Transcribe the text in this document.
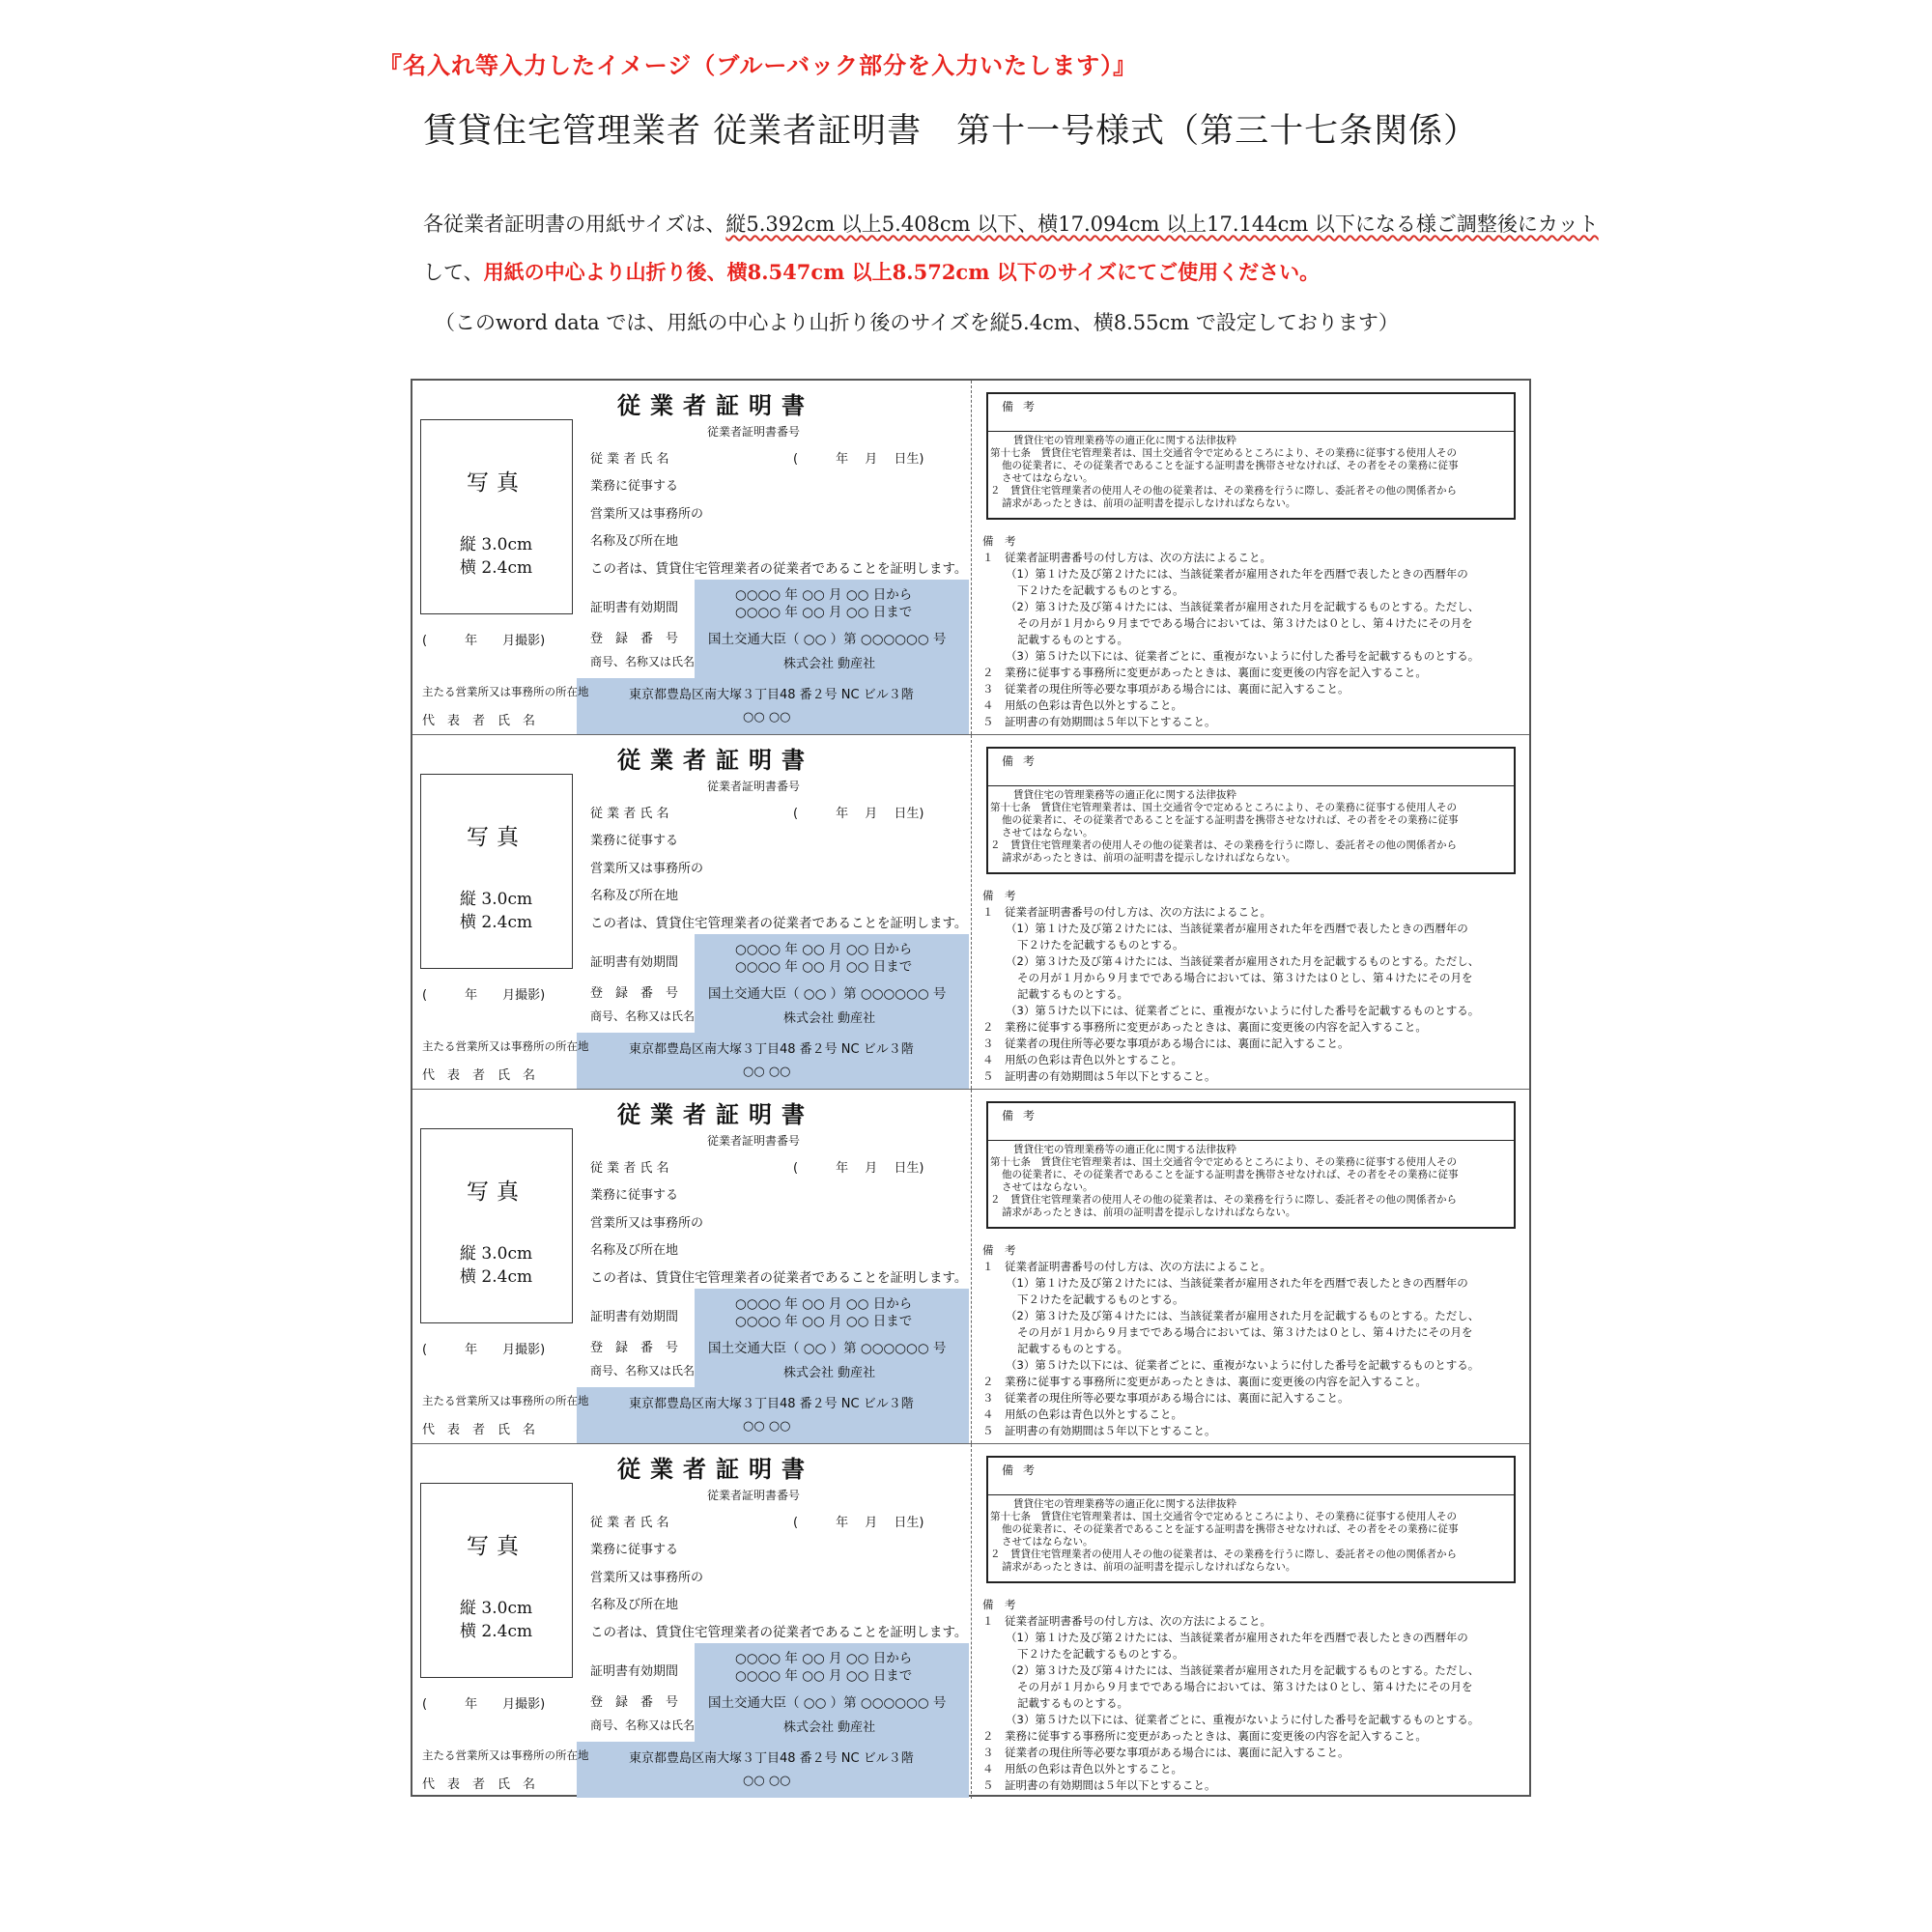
『名入れ等入力したイメージ（ブルーバック部分を入力いたします）』
賃貸住宅管理業者 従業者証明書　第十一号様式（第三十七条関係）
各従業者証明書の用紙サイズは、縦5.392cm 以上5.408cm 以下、横17.094cm 以上17.144cm 以下になる様ご調整後にカット
して、用紙の中心より山折り後、横8.547cm 以上8.572cm 以下のサイズにてご使用ください。
（このword data では、用紙の中心より山折り後のサイズを縦5.4cm、横8.55cm で設定しております）
従業者証明書
従業者証明書番号
写真
縦 3.0cm
横 2.4cm
(　　　年　　月撮影)
従 業 者 氏 名	(　　　年　 月　 日生)
業務に従事する
営業所又は事務所の
名称及び所在地
この者は、賃貸住宅管理業者の従業者であることを証明します。
証明書有効期間
○○○○ 年 ○○ 月 ○○ 日から
○○○○ 年 ○○ 月 ○○ 日まで
登　録　番　号 国土交通大臣（ ○○ ）第 ○○○○○○ 号
商号、名称又は氏名	株式会社 動産社
主たる営業所又は事務所の所在地	東京都豊島区南大塚３丁目48 番２号 NC ビル３階
代　表　者　氏　名	○○ ○○
備考
賃貸住宅の管理業務等の適正化に関する法律抜粋
第十七条　賃貸住宅管理業者は、国土交通省令で定めるところにより、その業務に従事する使用人その
他の従業者に、その従業者であることを証する証明書を携帯させなければ、その者をその業務に従事
させてはならない。
２　賃貸住宅管理業者の使用人その他の従業者は、その業務を行うに際し、委託者その他の関係者から
請求があったときは、前項の証明書を提示しなければならない。
備　考
１　従業者証明書番号の付し方は、次の方法によること。
（1）第１けた及び第２けたには、当該従業者が雇用された年を西暦で表したときの西暦年の
下２けたを記載するものとする。
（2）第３けた及び第４けたには、当該従業者が雇用された月を記載するものとする。ただし、
その月が１月から９月までである場合においては、第３けたは０とし、第４けたにその月を
記載するものとする。
（3）第５けた以下には、従業者ごとに、重複がないように付した番号を記載するものとする。
２　業務に従事する事務所に変更があったときは、裏面に変更後の内容を記入すること。
３　従業者の現住所等必要な事項がある場合には、裏面に記入すること。
４　用紙の色彩は青色以外とすること。
５　証明書の有効期間は５年以下とすること。
従業者証明書
従業者証明書番号
写真
縦 3.0cm
横 2.4cm
(　　　年　　月撮影)
従 業 者 氏 名	(　　　年　 月　 日生)
業務に従事する
営業所又は事務所の
名称及び所在地
この者は、賃貸住宅管理業者の従業者であることを証明します。
証明書有効期間
○○○○ 年 ○○ 月 ○○ 日から
○○○○ 年 ○○ 月 ○○ 日まで
登　録　番　号 国土交通大臣（ ○○ ）第 ○○○○○○ 号
商号、名称又は氏名	株式会社 動産社
主たる営業所又は事務所の所在地	東京都豊島区南大塚３丁目48 番２号 NC ビル３階
代　表　者　氏　名	○○ ○○
備考
賃貸住宅の管理業務等の適正化に関する法律抜粋
第十七条　賃貸住宅管理業者は、国土交通省令で定めるところにより、その業務に従事する使用人その
他の従業者に、その従業者であることを証する証明書を携帯させなければ、その者をその業務に従事
させてはならない。
２　賃貸住宅管理業者の使用人その他の従業者は、その業務を行うに際し、委託者その他の関係者から
請求があったときは、前項の証明書を提示しなければならない。
備　考
１　従業者証明書番号の付し方は、次の方法によること。
（1）第１けた及び第２けたには、当該従業者が雇用された年を西暦で表したときの西暦年の
下２けたを記載するものとする。
（2）第３けた及び第４けたには、当該従業者が雇用された月を記載するものとする。ただし、
その月が１月から９月までである場合においては、第３けたは０とし、第４けたにその月を
記載するものとする。
（3）第５けた以下には、従業者ごとに、重複がないように付した番号を記載するものとする。
２　業務に従事する事務所に変更があったときは、裏面に変更後の内容を記入すること。
３　従業者の現住所等必要な事項がある場合には、裏面に記入すること。
４　用紙の色彩は青色以外とすること。
５　証明書の有効期間は５年以下とすること。
従業者証明書
従業者証明書番号
写真
縦 3.0cm
横 2.4cm
(　　　年　　月撮影)
従 業 者 氏 名	(　　　年　 月　 日生)
業務に従事する
営業所又は事務所の
名称及び所在地
この者は、賃貸住宅管理業者の従業者であることを証明します。
証明書有効期間
○○○○ 年 ○○ 月 ○○ 日から
○○○○ 年 ○○ 月 ○○ 日まで
登　録　番　号 国土交通大臣（ ○○ ）第 ○○○○○○ 号
商号、名称又は氏名	株式会社 動産社
主たる営業所又は事務所の所在地	東京都豊島区南大塚３丁目48 番２号 NC ビル３階
代　表　者　氏　名	○○ ○○
備考
賃貸住宅の管理業務等の適正化に関する法律抜粋
第十七条　賃貸住宅管理業者は、国土交通省令で定めるところにより、その業務に従事する使用人その
他の従業者に、その従業者であることを証する証明書を携帯させなければ、その者をその業務に従事
させてはならない。
２　賃貸住宅管理業者の使用人その他の従業者は、その業務を行うに際し、委託者その他の関係者から
請求があったときは、前項の証明書を提示しなければならない。
備　考
１　従業者証明書番号の付し方は、次の方法によること。
（1）第１けた及び第２けたには、当該従業者が雇用された年を西暦で表したときの西暦年の
下２けたを記載するものとする。
（2）第３けた及び第４けたには、当該従業者が雇用された月を記載するものとする。ただし、
その月が１月から９月までである場合においては、第３けたは０とし、第４けたにその月を
記載するものとする。
（3）第５けた以下には、従業者ごとに、重複がないように付した番号を記載するものとする。
２　業務に従事する事務所に変更があったときは、裏面に変更後の内容を記入すること。
３　従業者の現住所等必要な事項がある場合には、裏面に記入すること。
４　用紙の色彩は青色以外とすること。
５　証明書の有効期間は５年以下とすること。
従業者証明書
従業者証明書番号
写真
縦 3.0cm
横 2.4cm
(　　　年　　月撮影)
従 業 者 氏 名	(　　　年　 月　 日生)
業務に従事する
営業所又は事務所の
名称及び所在地
この者は、賃貸住宅管理業者の従業者であることを証明します。
証明書有効期間
○○○○ 年 ○○ 月 ○○ 日から
○○○○ 年 ○○ 月 ○○ 日まで
登　録　番　号 国土交通大臣（ ○○ ）第 ○○○○○○ 号
商号、名称又は氏名	株式会社 動産社
主たる営業所又は事務所の所在地	東京都豊島区南大塚３丁目48 番２号 NC ビル３階
代　表　者　氏　名	○○ ○○
備考
賃貸住宅の管理業務等の適正化に関する法律抜粋
第十七条　賃貸住宅管理業者は、国土交通省令で定めるところにより、その業務に従事する使用人その
他の従業者に、その従業者であることを証する証明書を携帯させなければ、その者をその業務に従事
させてはならない。
２　賃貸住宅管理業者の使用人その他の従業者は、その業務を行うに際し、委託者その他の関係者から
請求があったときは、前項の証明書を提示しなければならない。
備　考
１　従業者証明書番号の付し方は、次の方法によること。
（1）第１けた及び第２けたには、当該従業者が雇用された年を西暦で表したときの西暦年の
下２けたを記載するものとする。
（2）第３けた及び第４けたには、当該従業者が雇用された月を記載するものとする。ただし、
その月が１月から９月までである場合においては、第３けたは０とし、第４けたにその月を
記載するものとする。
（3）第５けた以下には、従業者ごとに、重複がないように付した番号を記載するものとする。
２　業務に従事する事務所に変更があったときは、裏面に変更後の内容を記入すること。
３　従業者の現住所等必要な事項がある場合には、裏面に記入すること。
４　用紙の色彩は青色以外とすること。
５　証明書の有効期間は５年以下とすること。
